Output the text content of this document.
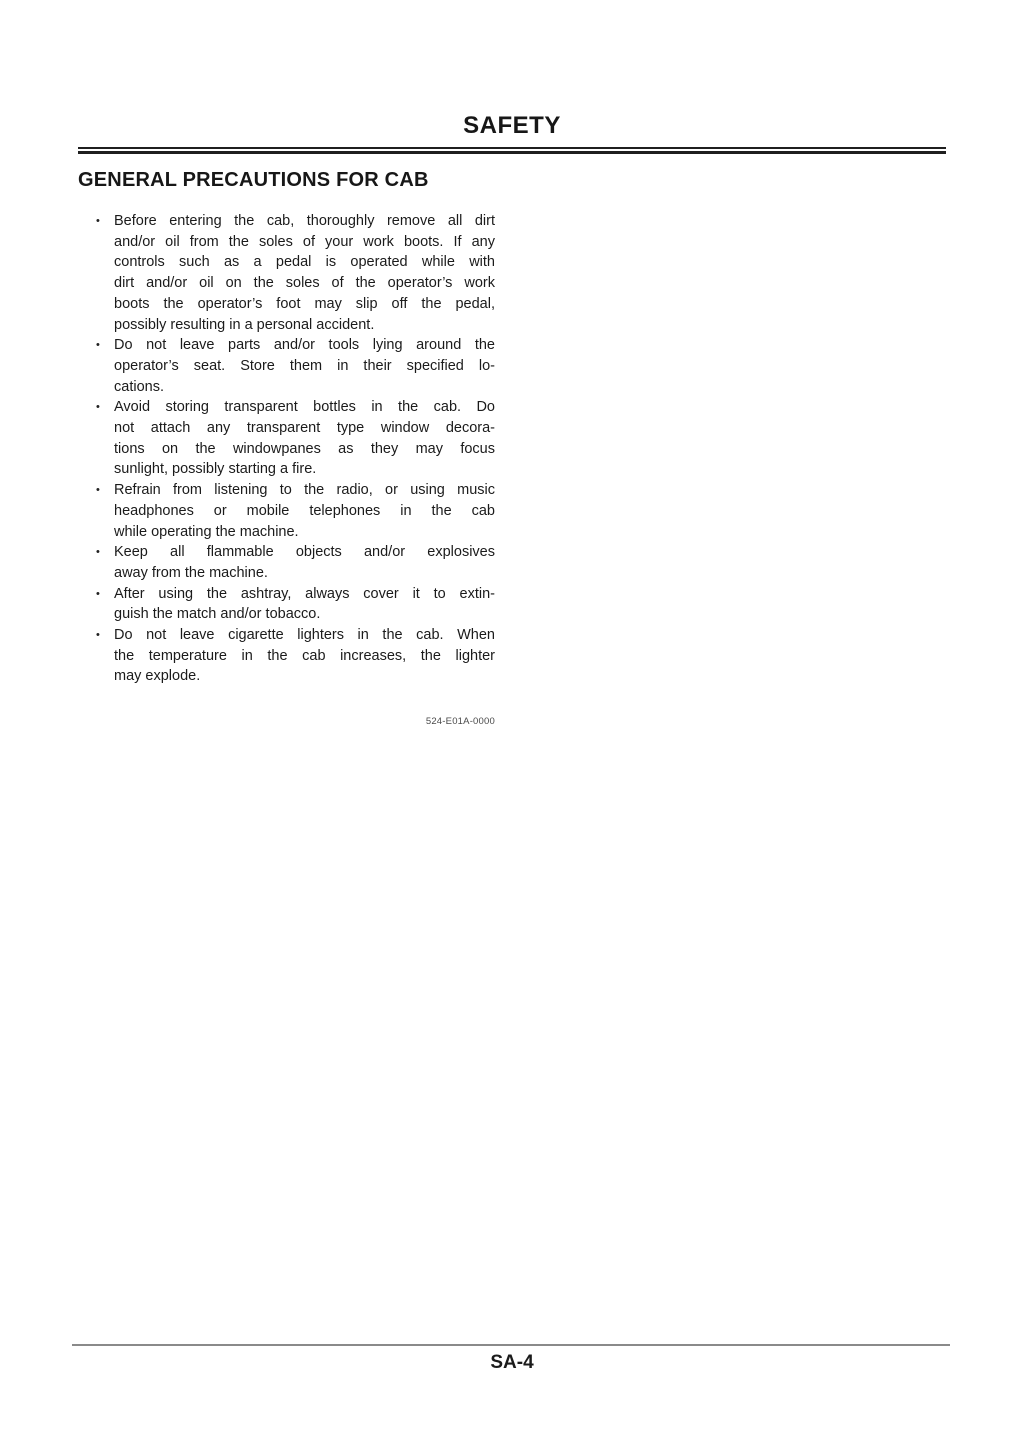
SAFETY
GENERAL PRECAUTIONS FOR CAB
• Before entering the cab, thoroughly remove all dirt
and/or oil from the soles of your work boots. If any
controls such as a pedal is operated while with
dirt and/or oil on the soles of the operator’s work
boots the operator’s foot may slip off the pedal,
possibly resulting in a personal accident.
• Do not leave parts and/or tools lying around the
operator’s seat. Store them in their specified lo-
cations.
• Avoid storing transparent bottles in the cab. Do
not attach any transparent type window decora-
tions on the windowpanes as they may focus
sunlight, possibly starting a fire.
• Refrain from listening to the radio, or using music
headphones or mobile telephones in the cab
while operating the machine.
• Keep all flammable objects and/or explosives
away from the machine.
• After using the ashtray, always cover it to extin-
guish the match and/or tobacco.
• Do not leave cigarette lighters in the cab. When
the temperature in the cab increases, the lighter
may explode.
524-E01A-0000
SA-4
